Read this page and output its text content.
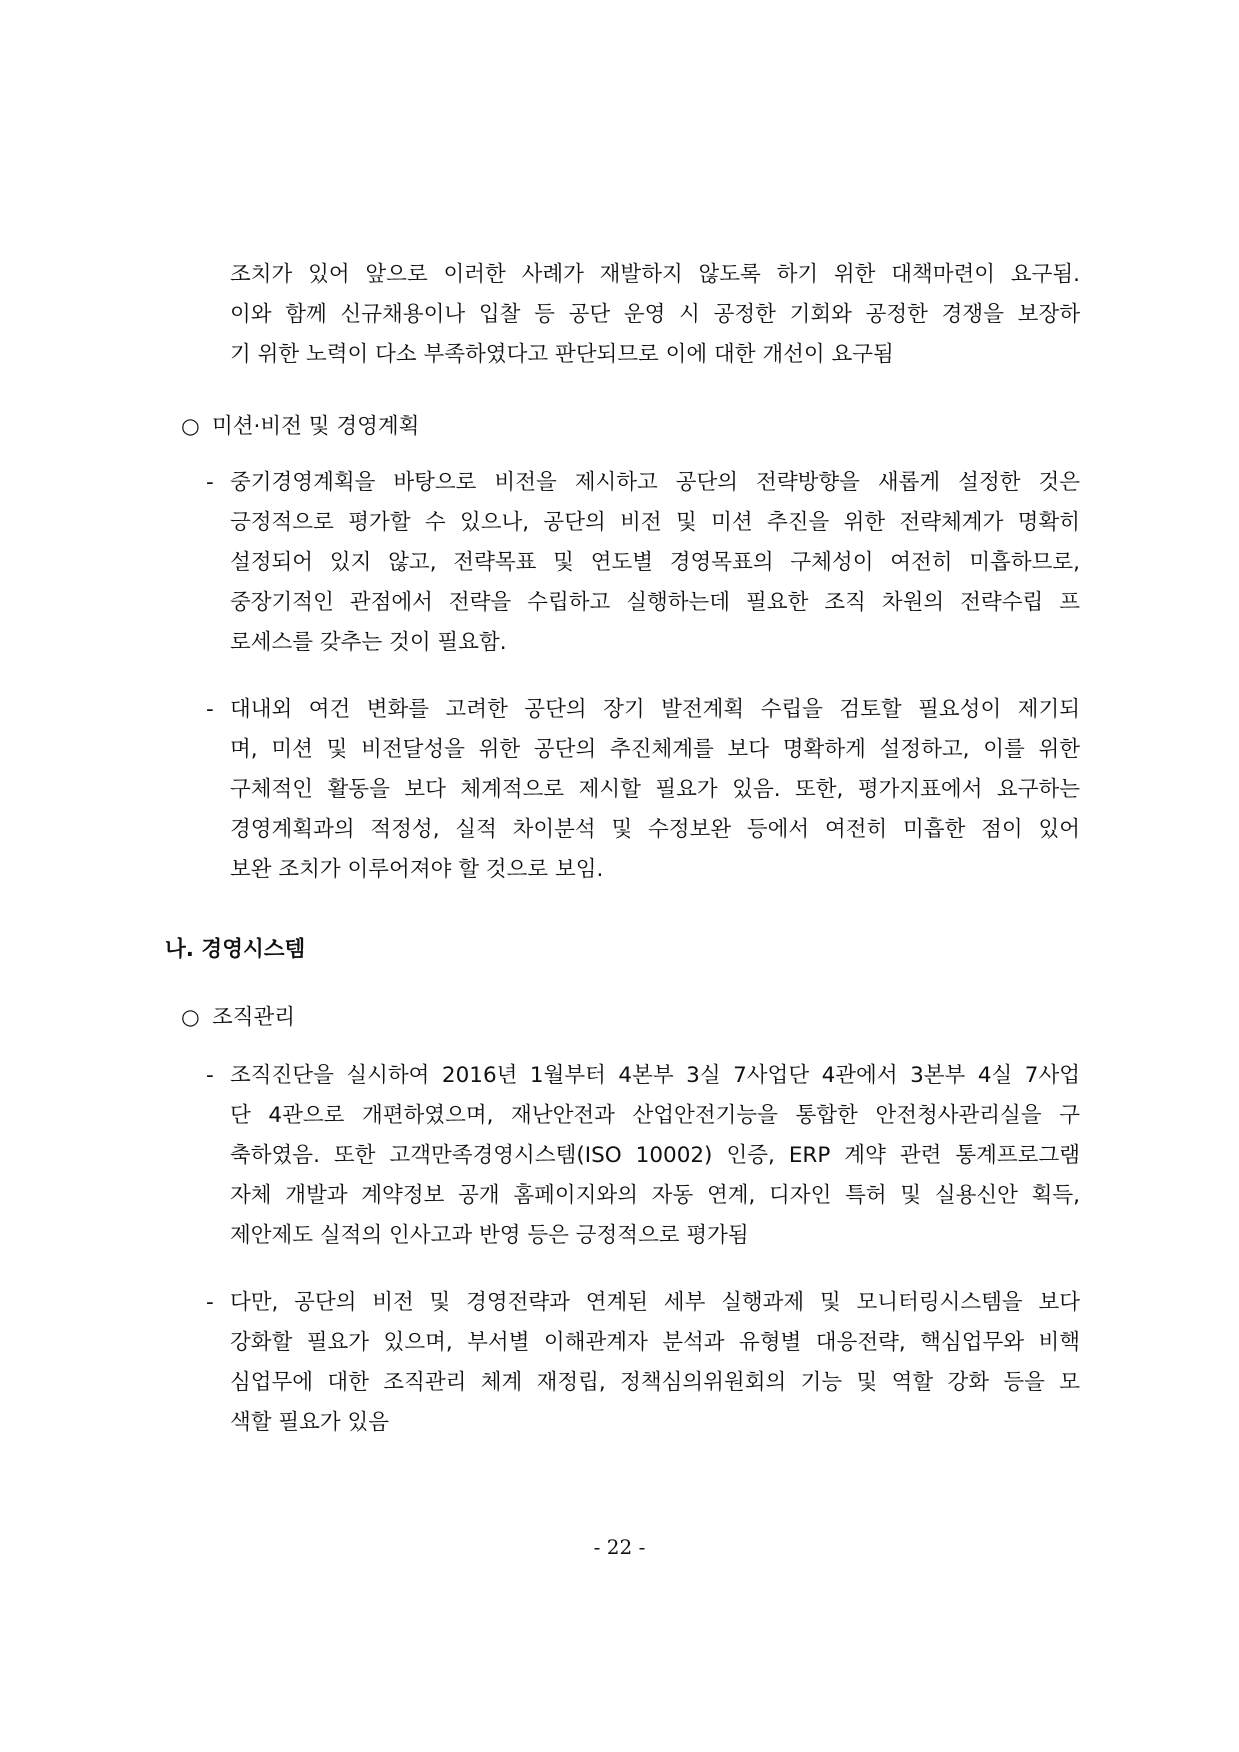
조치가 있어 앞으로 이러한 사례가 재발하지 않도록 하기 위한 대책마련이 요구됨.
이와 함께 신규채용이나 입찰 등 공단 운영 시 공정한 기회와 공정한 경쟁을 보장하
기 위한 노력이 다소 부족하였다고 판단되므로 이에 대한 개선이 요구됨
○ 미션·비전 및 경영계획
- 중기경영계획을 바탕으로 비전을 제시하고 공단의 전략방향을 새롭게 설정한 것은
긍정적으로 평가할 수 있으나, 공단의 비전 및 미션 추진을 위한 전략체계가 명확히
설정되어 있지 않고, 전략목표 및 연도별 경영목표의 구체성이 여전히 미흡하므로,
중장기적인 관점에서 전략을 수립하고 실행하는데 필요한 조직 차원의 전략수립 프
로세스를 갖추는 것이 필요함.
- 대내외 여건 변화를 고려한 공단의 장기 발전계획 수립을 검토할 필요성이 제기되
며, 미션 및 비전달성을 위한 공단의 추진체계를 보다 명확하게 설정하고, 이를 위한
구체적인 활동을 보다 체계적으로 제시할 필요가 있음. 또한, 평가지표에서 요구하는
경영계획과의 적정성, 실적 차이분석 및 수정보완 등에서 여전히 미흡한 점이 있어
보완 조치가 이루어져야 할 것으로 보임.
나. 경영시스템
○ 조직관리
- 조직진단을 실시하여 2016년 1월부터 4본부 3실 7사업단 4관에서 3본부 4실 7사업
단 4관으로 개편하였으며, 재난안전과 산업안전기능을 통합한 안전청사관리실을 구
축하였음. 또한 고객만족경영시스템(ISO 10002) 인증, ERP 계약 관련 통계프로그램
자체 개발과 계약정보 공개 홈페이지와의 자동 연계, 디자인 특허 및 실용신안 획득,
제안제도 실적의 인사고과 반영 등은 긍정적으로 평가됨
- 다만, 공단의 비전 및 경영전략과 연계된 세부 실행과제 및 모니터링시스템을 보다
강화할 필요가 있으며, 부서별 이해관계자 분석과 유형별 대응전략, 핵심업무와 비핵
심업무에 대한 조직관리 체계 재정립, 정책심의위원회의 기능 및 역할 강화 등을 모
색할 필요가 있음
- 22 -
